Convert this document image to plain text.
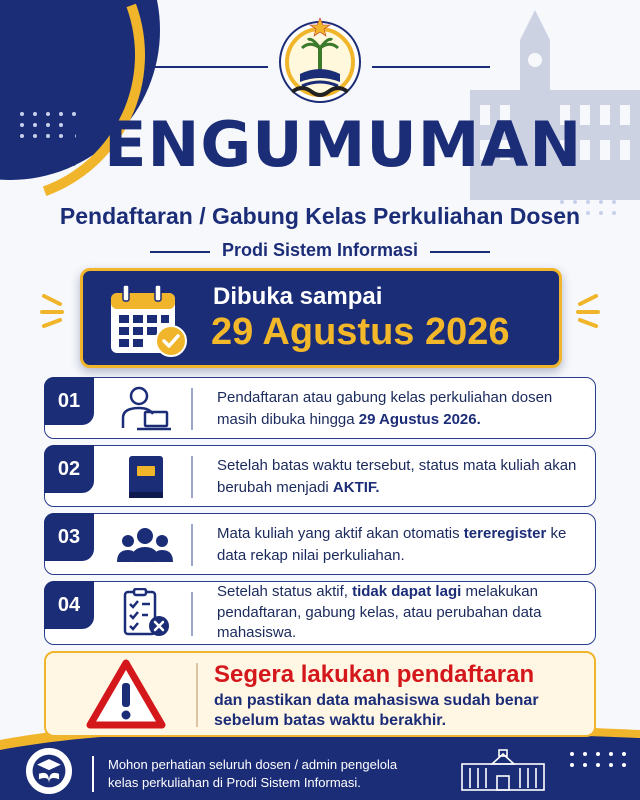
PENGUMUMAN
Pendaftaran / Gabung Kelas Perkuliahan Dosen
Prodi Sistem Informasi
Dibuka sampai
29 Agustus 2026
01	Pendaftaran atau gabung kelas perkuliahan dosen masih dibuka hingga 29 Agustus 2026.
02	Setelah batas waktu tersebut, status mata kuliah akan berubah menjadi AKTIF.
03	Mata kuliah yang aktif akan otomatis tereregister ke data rekap nilai perkuliahan.
04
Setelah status aktif, tidak dapat lagi melakukan pendaftaran, gabung kelas, atau perubahan data mahasiswa.
Segera lakukan pendaftaran
dan pastikan data mahasiswa sudah benar
sebelum batas waktu berakhir.
Mohon perhatian seluruh dosen / admin pengelola
kelas perkuliahan di Prodi Sistem Informasi.
